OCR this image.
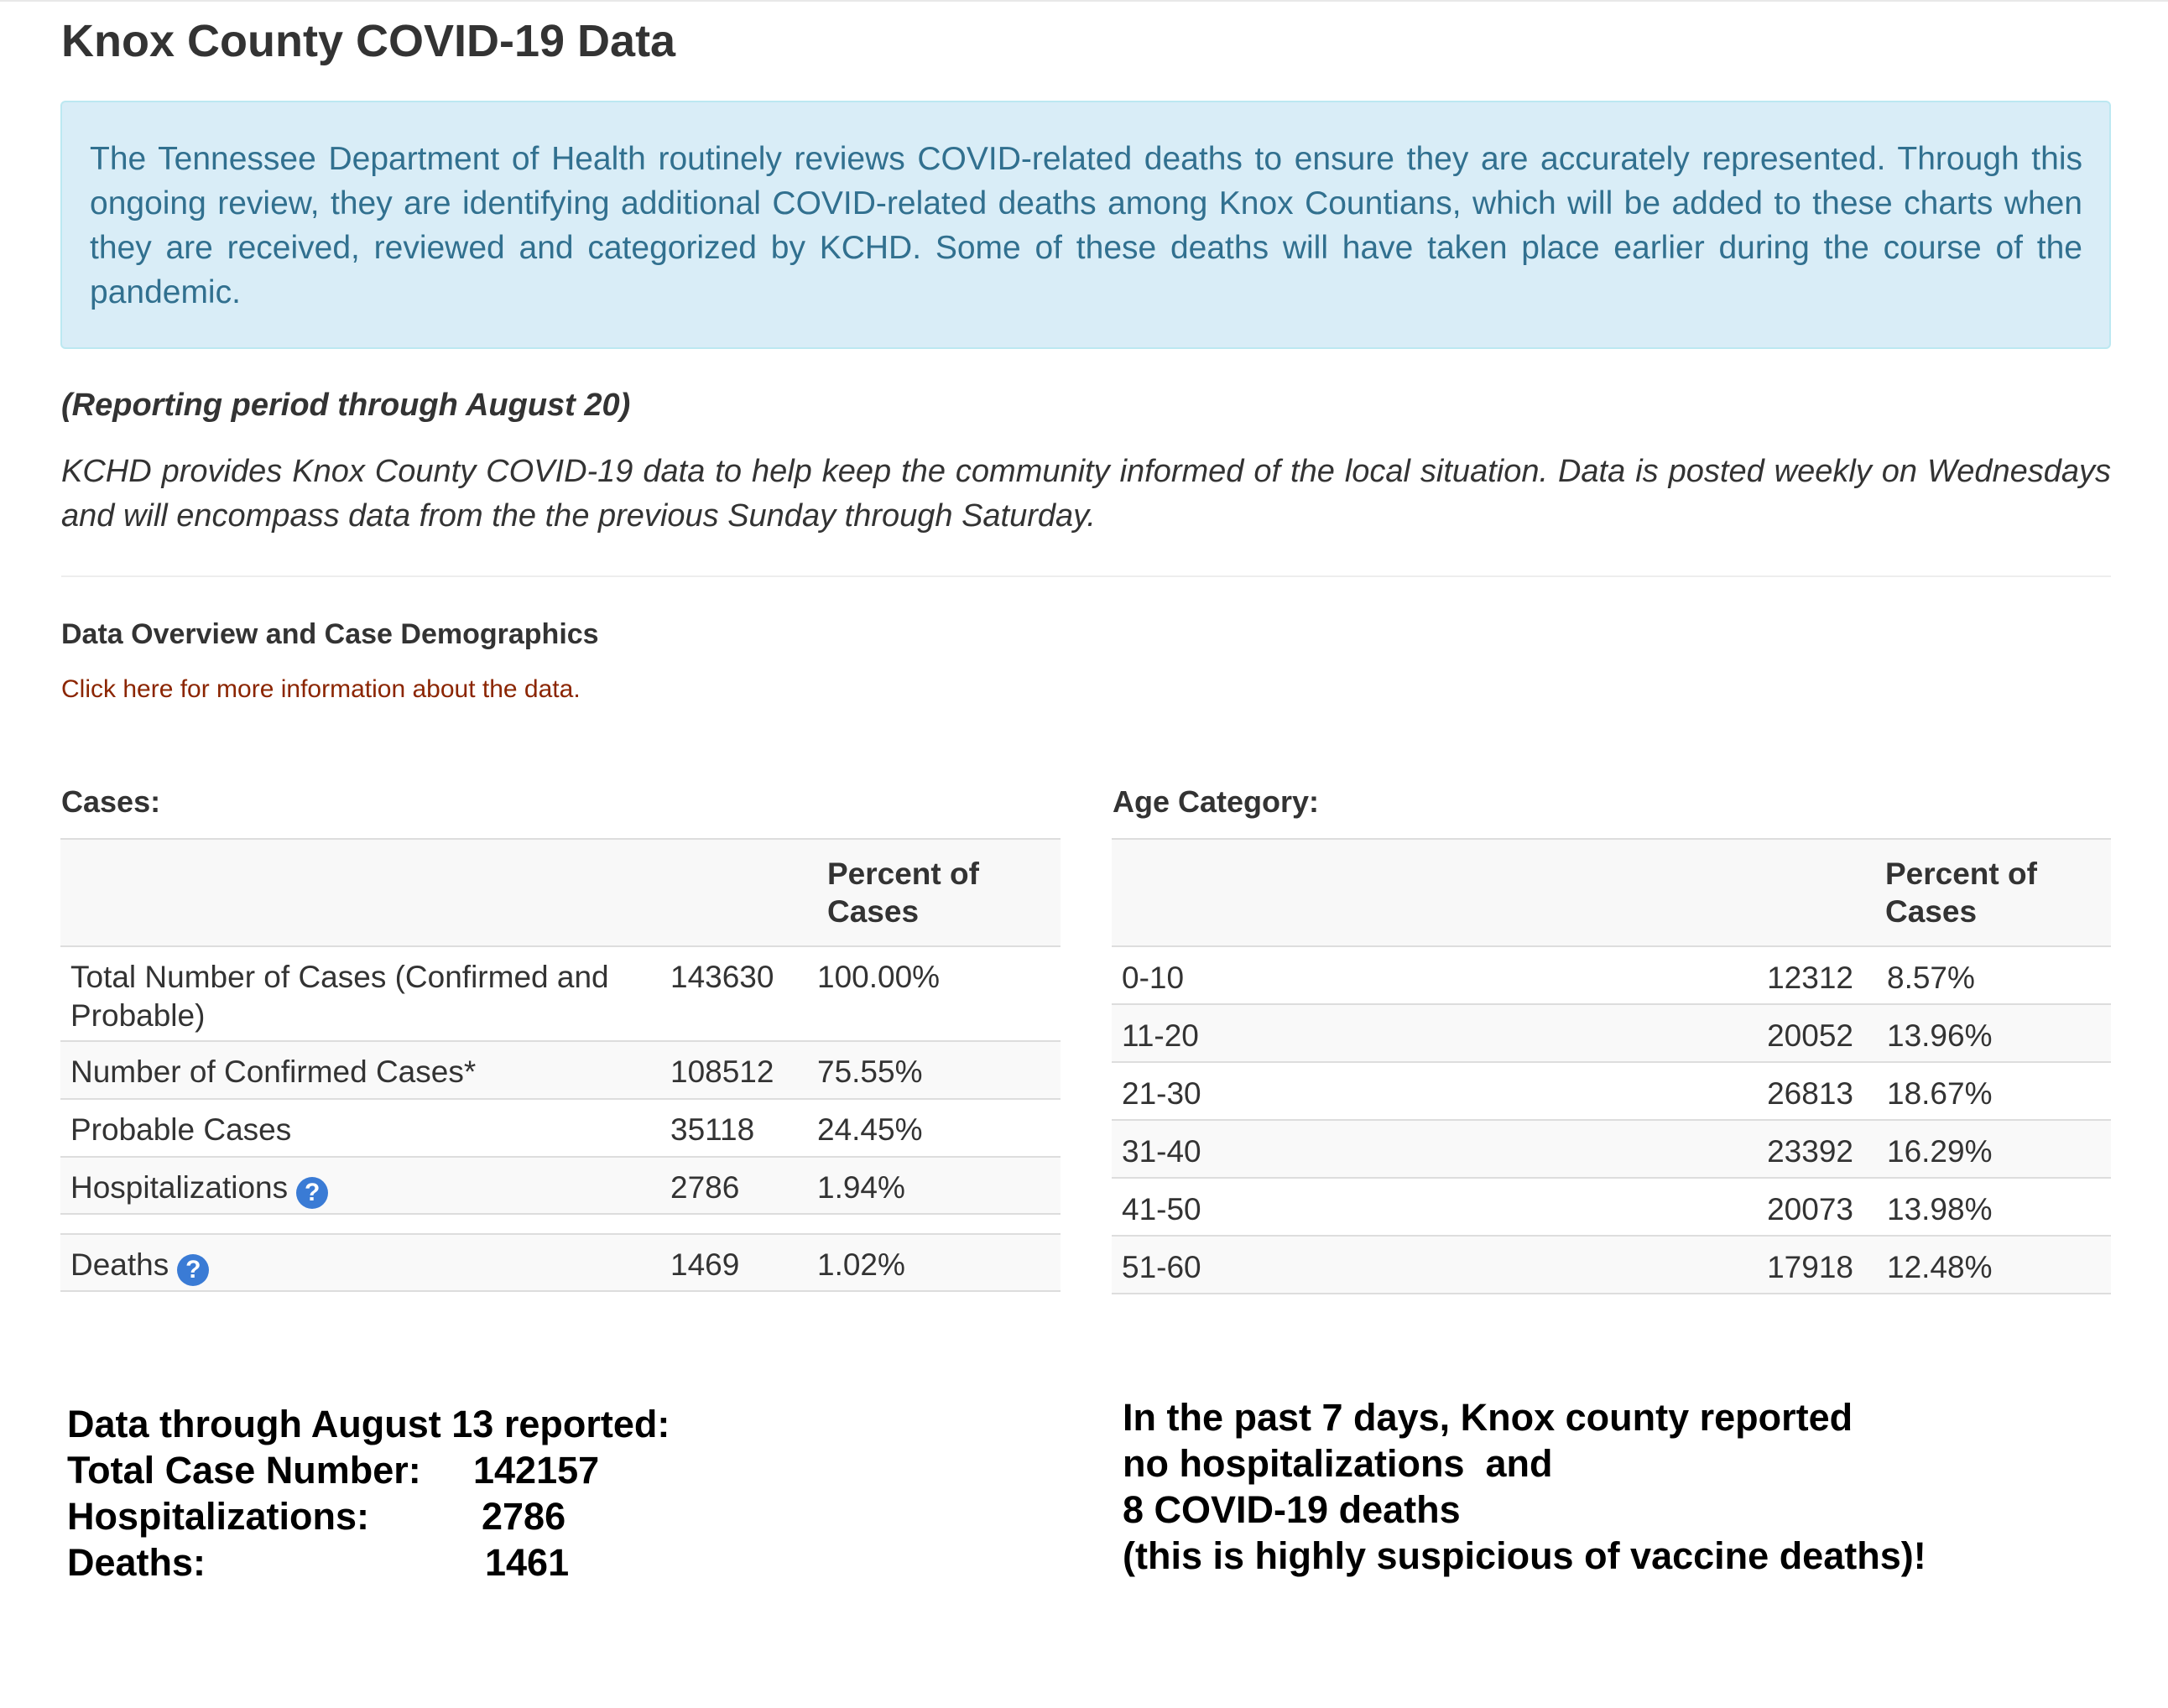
Knox County COVID-19 Data

The Tennessee Department of Health routinely reviews COVID-related deaths to ensure they are accurately represented. Through this ongoing review, they are identifying additional COVID-related deaths among Knox Countians, which will be added to these charts when they are received, reviewed and categorized by KCHD. Some of these deaths will have taken place earlier during the course of the pandemic.

(Reporting period through August 20)

KCHD provides Knox County COVID-19 data to help keep the community informed of the local situation. Data is posted weekly on Wednesdays and will encompass data from the the previous Sunday through Saturday.

Data Overview and Case Demographics
Click here for more information about the data.

Cases:	Age Category:

		Percent of Cases

Total Number of Cases (Confirmed and Probable)	143630	100.00%
Number of Confirmed Cases*	108512	75.55%
Probable Cases	35118	24.45%
Hospitalizations ?	2786	1.94%

Deaths ?	1469	1.02%

		Percent of Cases

0-10	12312	8.57%
11-20	20052	13.96%
21-30	26813	18.67%
31-40	23392	16.29%
41-50	20073	13.98%
51-60	17918	12.48%
Data through August 13 reported:
Total Case Number: 142157
Hospitalizations:	2786
Deaths:	1461
In the past 7 days, Knox county reported
no hospitalizations  and
8 COVID-19 deaths
(this is highly suspicious of vaccine deaths)!
